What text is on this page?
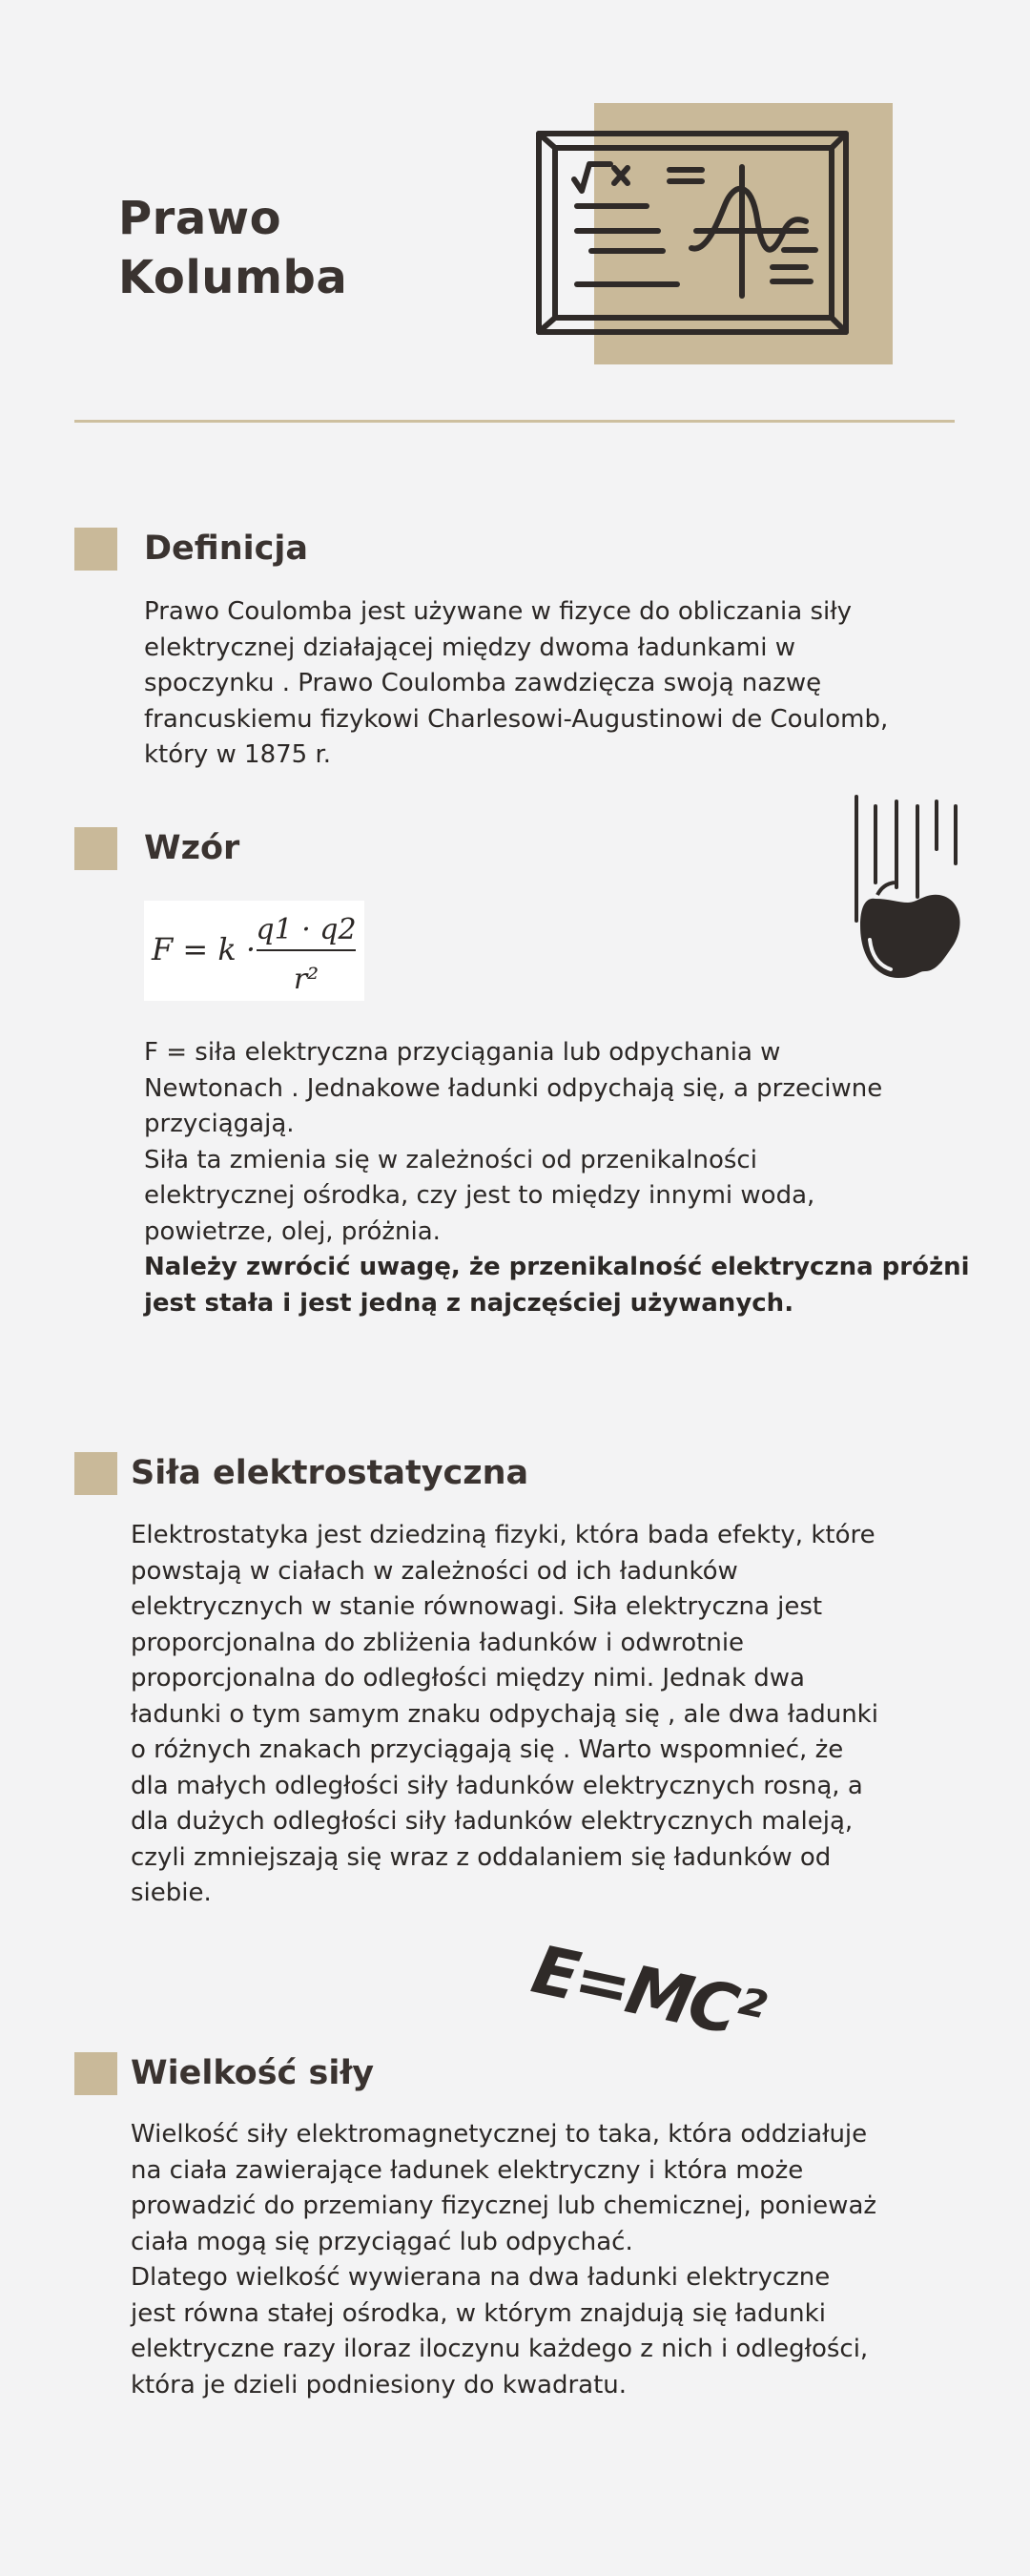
Prawo
Kolumba
Definicja

Prawo Coulomba jest używane w fizyce do obliczania siły

elektrycznej działającej między dwoma ładunkami w

spoczynku . Prawo Coulomba zawdzięcza swoją nazwę

francuskiemu fizykowi Charlesowi-Augustinowi de Coulomb,

który w 1875 r.

Wzór
F = k ·
q1 · q2
r²

F = siła elektryczna przyciągania lub odpychania w

Newtonach . Jednakowe ładunki odpychają się, a przeciwne

przyciągają.

Siła ta zmienia się w zależności od przenikalności

elektrycznej ośrodka, czy jest to między innymi woda,

powietrze, olej, próżnia.

Należy zwrócić uwagę, że przenikalność elektryczna próżni

jest stała i jest jedną z najczęściej używanych.

Siła elektrostatyczna

Elektrostatyka jest dziedziną fizyki, która bada efekty, które

powstają w ciałach w zależności od ich ładunków

elektrycznych w stanie równowagi. Siła elektryczna jest

proporcjonalna do zbliżenia ładunków i odwrotnie

proporcjonalna do odległości między nimi. Jednak dwa

ładunki o tym samym znaku odpychają się , ale dwa ładunki

o różnych znakach przyciągają się . Warto wspomnieć, że

dla małych odległości siły ładunków elektrycznych rosną, a

dla dużych odległości siły ładunków elektrycznych maleją,

czyli zmniejszają się wraz z oddalaniem się ładunków od

siebie.

E=MC²
Wielkość siły

Wielkość siły elektromagnetycznej to taka, która oddziałuje

na ciała zawierające ładunek elektryczny i która może

prowadzić do przemiany fizycznej lub chemicznej, ponieważ

ciała mogą się przyciągać lub odpychać.

Dlatego wielkość wywierana na dwa ładunki elektryczne

jest równa stałej ośrodka, w którym znajdują się ładunki

elektryczne razy iloraz iloczynu każdego z nich i odległości,

która je dzieli podniesiony do kwadratu.
